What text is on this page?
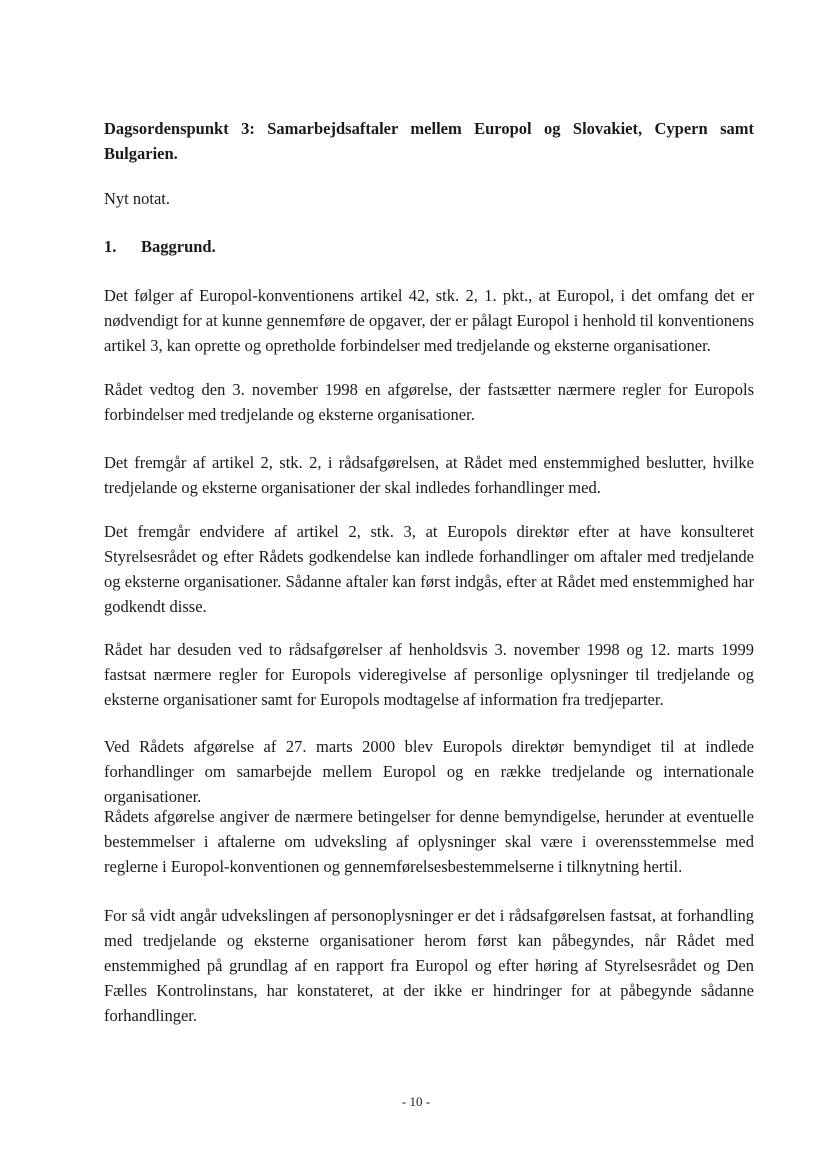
Dagsordenspunkt 3: Samarbejdsaftaler mellem Europol og Slovakiet, Cypern samt Bulgarien.
Nyt notat.
1. Baggrund.

Det følger af Europol-konventionens artikel 42, stk. 2, 1. pkt., at Europol, i det omfang det er nødvendigt for at kunne gennemføre de opgaver, der er pålagt Europol i henhold til konventionens artikel 3, kan oprette og opretholde forbindelser med tredjelande og eksterne organisationer.

Rådet vedtog den 3. november 1998 en afgørelse, der fastsætter nærmere regler for Europols forbindelser med tredjelande og eksterne organisationer.

Det fremgår af artikel 2, stk. 2, i rådsafgørelsen, at Rådet med enstemmighed beslutter, hvilke tredjelande og eksterne organisationer der skal indledes forhandlinger med.

Det fremgår endvidere af artikel 2, stk. 3, at Europols direktør efter at have konsulteret Styrelsesrådet og efter Rådets godkendelse kan indlede forhandlinger om aftaler med tredjelande og eksterne organisationer. Sådanne aftaler kan først indgås, efter at Rådet med enstemmighed har godkendt disse.

Rådet har desuden ved to rådsafgørelser af henholdsvis 3. november 1998 og 12. marts 1999 fastsat nærmere regler for Europols videregivelse af personlige oplysninger til tredjelande og eksterne organisationer samt for Europols modtagelse af information fra tredjeparter.

Ved Rådets afgørelse af 27. marts 2000 blev Europols direktør bemyndiget til at indlede forhandlinger om samarbejde mellem Europol og en række tredjelande og internationale organisationer.

Rådets afgørelse angiver de nærmere betingelser for denne bemyndigelse, herunder at eventuelle bestemmelser i aftalerne om udveksling af oplysninger skal være i overensstemmelse med reglerne i Europol-konventionen og gennemførelsesbestemmelserne i tilknytning hertil.

For så vidt angår udvekslingen af personoplysninger er det i rådsafgørelsen fastsat, at forhandling med tredjelande og eksterne organisationer herom først kan påbegyndes, når Rådet med enstemmighed på grundlag af en rapport fra Europol og efter høring af Styrelsesrådet og Den Fælles Kontrolinstans, har konstateret, at der ikke er hindringer for at påbegynde sådanne forhandlinger.

- 10 -
